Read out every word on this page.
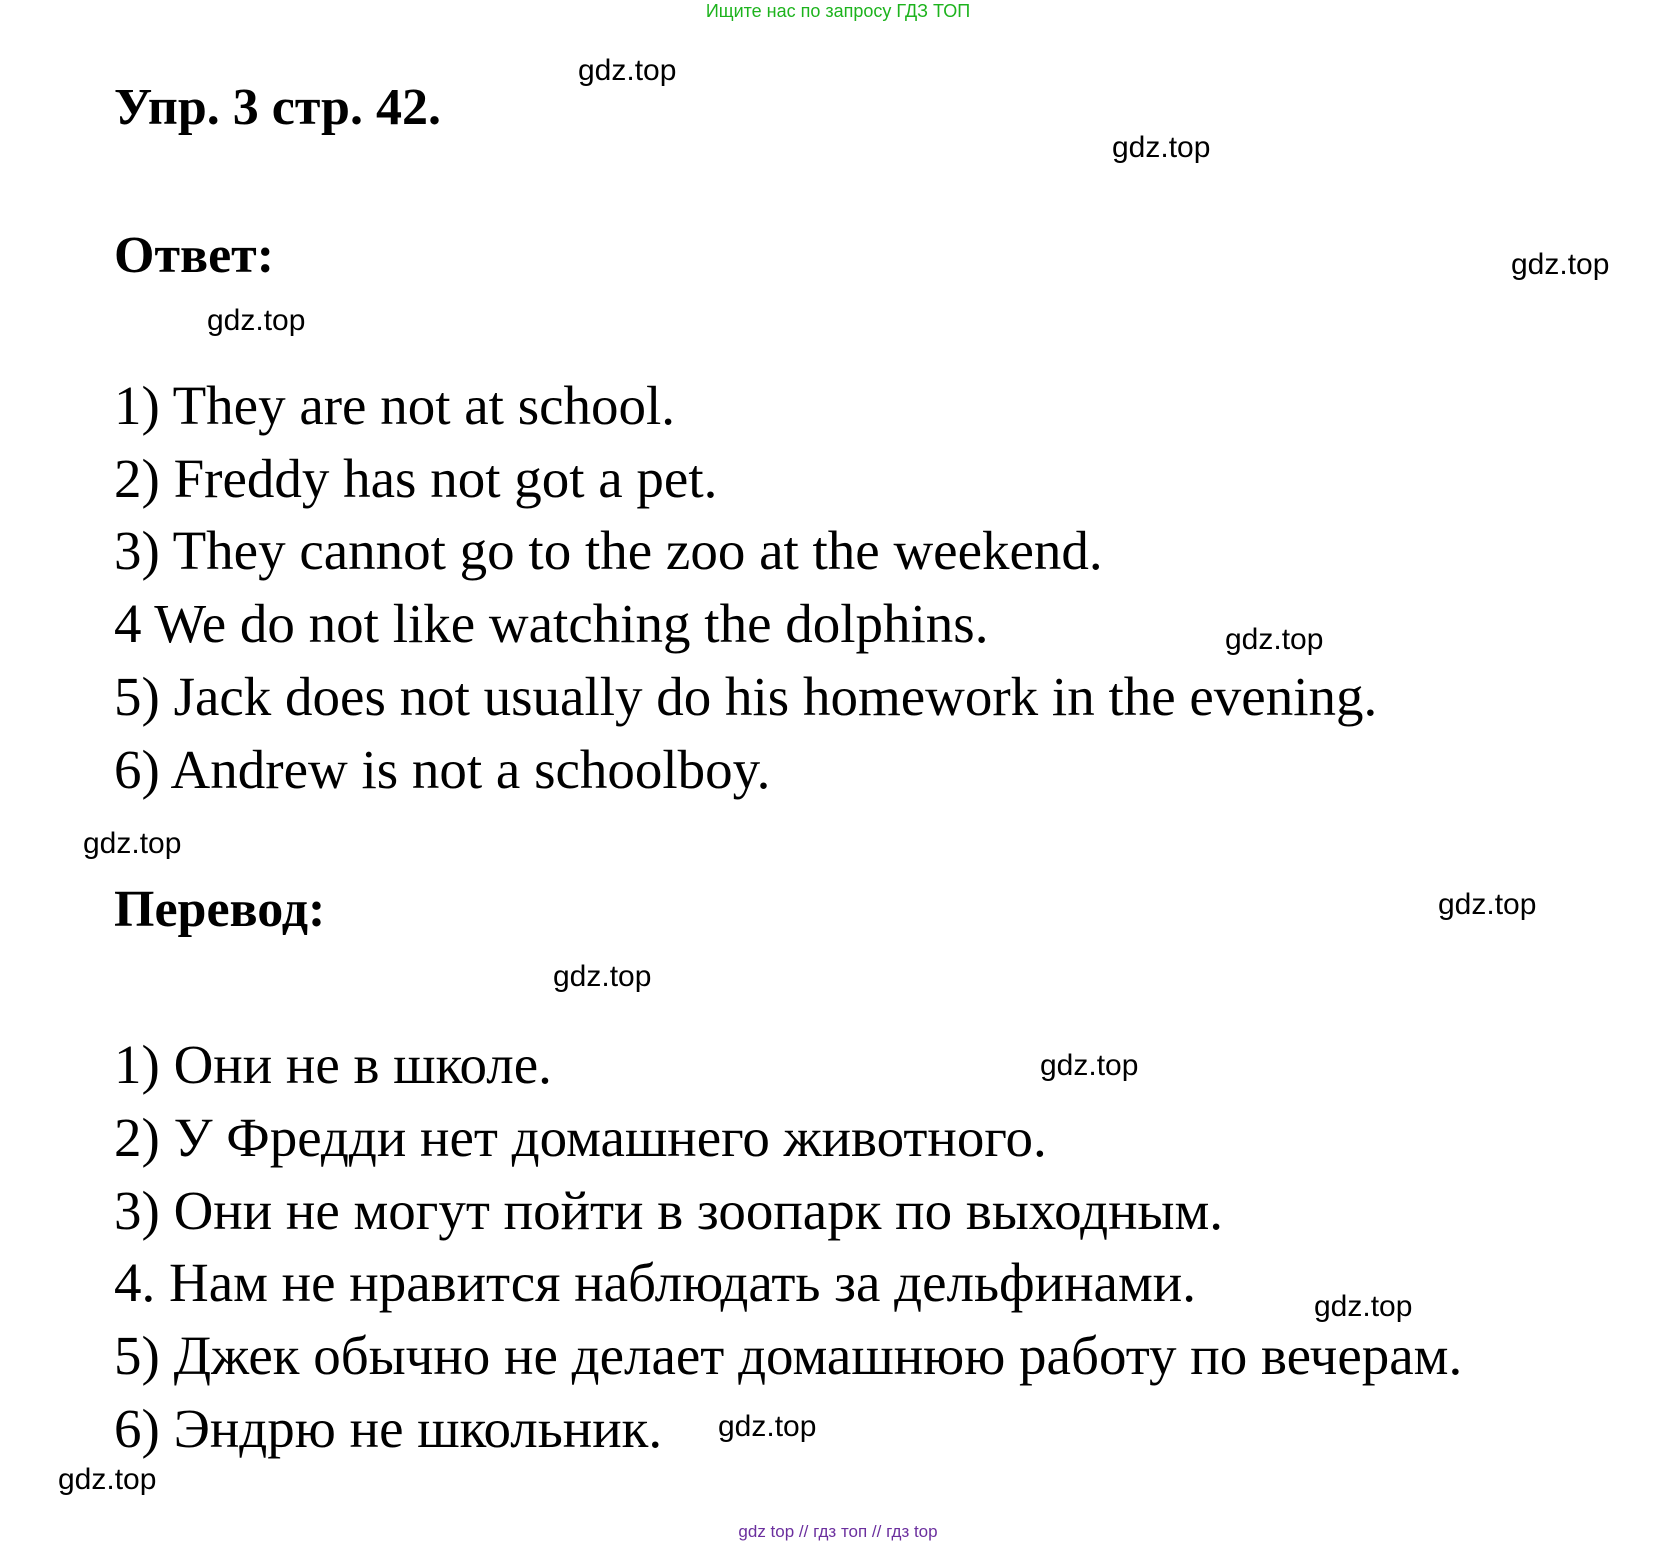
Ищите нас по запросу ГДЗ ТОП
Упр. 3 стр. 42.
Ответ:
1) They are not at school.
2) Freddy has not got a pet.
3) They cannot go to the zoo at the weekend.
4 We do not like watching the dolphins.
5) Jack does not usually do his homework in the evening.
6) Andrew is not a schoolboy.
Перевод:
1) Они не в школе.
2) У Фредди нет домашнего животного.
3) Они не могут пойти в зоопарк по выходным.
4. Нам не нравится наблюдать за дельфинами.
5) Джек обычно не делает домашнюю работу по вечерам.
6) Эндрю не школьник.
gdz.top
gdz.top
gdz.top
gdz.top
gdz.top
gdz.top
gdz.top
gdz.top
gdz.top
gdz.top
gdz.top
gdz.top
gdz top // гдз топ // гдз top
